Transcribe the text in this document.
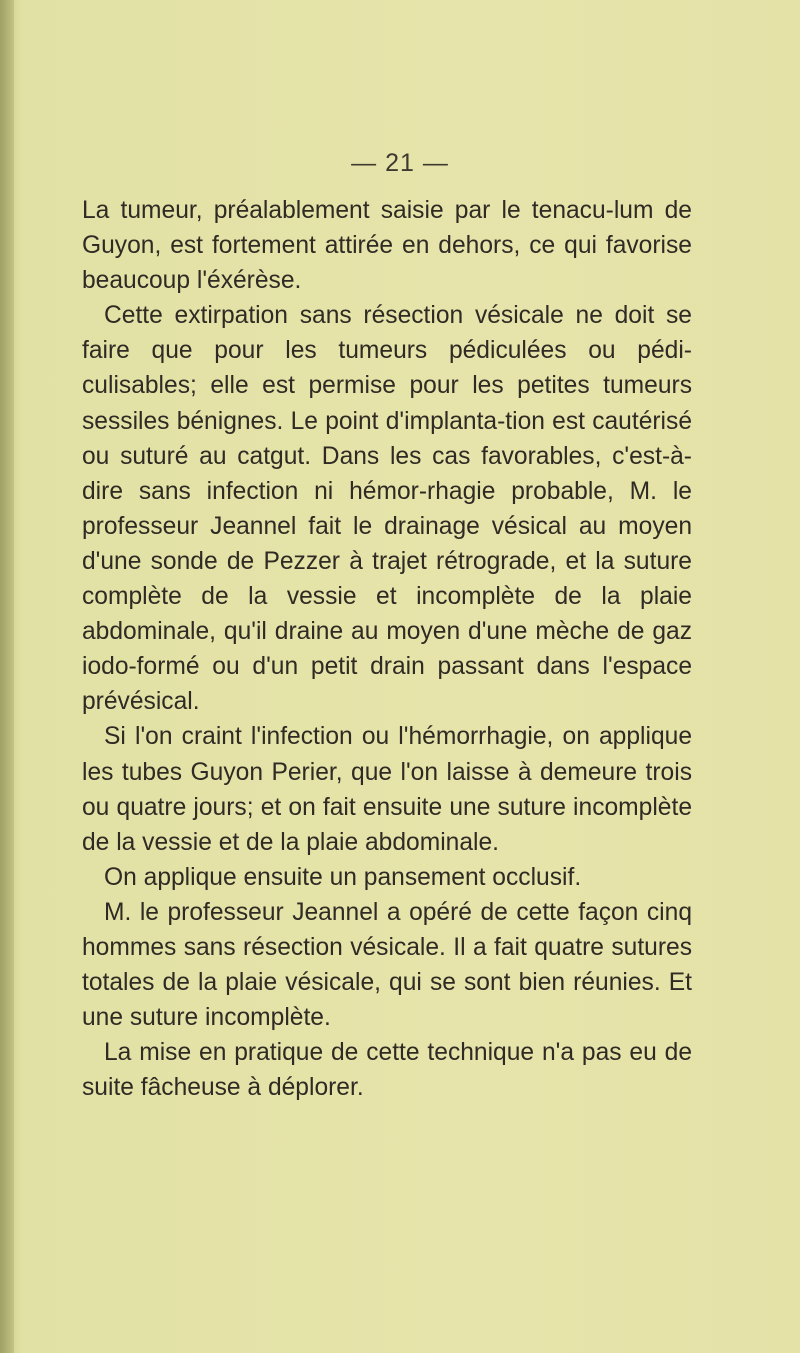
— 21 —

La tumeur, préalablement saisie par le tenacu-lum de Guyon, est fortement attirée en dehors, ce qui favorise beaucoup l'éxérèse.

Cette extirpation sans résection vésicale ne doit se faire que pour les tumeurs pédiculées ou pédi-culisables; elle est permise pour les petites tumeurs sessiles bénignes. Le point d'implanta-tion est cautérisé ou suturé au catgut. Dans les cas favorables, c'est-à-dire sans infection ni hémor-rhagie probable, M. le professeur Jeannel fait le drainage vésical au moyen d'une sonde de Pezzer à trajet rétrograde, et la suture complète de la vessie et incomplète de la plaie abdominale, qu'il draine au moyen d'une mèche de gaz iodo-formé ou d'un petit drain passant dans l'espace prévésical.

Si l'on craint l'infection ou l'hémorrhagie, on applique les tubes Guyon Perier, que l'on laisse à demeure trois ou quatre jours; et on fait ensuite une suture incomplète de la vessie et de la plaie abdominale.

On applique ensuite un pansement occlusif.

M. le professeur Jeannel a opéré de cette façon cinq hommes sans résection vésicale. Il a fait quatre sutures totales de la plaie vésicale, qui se sont bien réunies. Et une suture incomplète.

La mise en pratique de cette technique n'a pas eu de suite fâcheuse à déplorer.
